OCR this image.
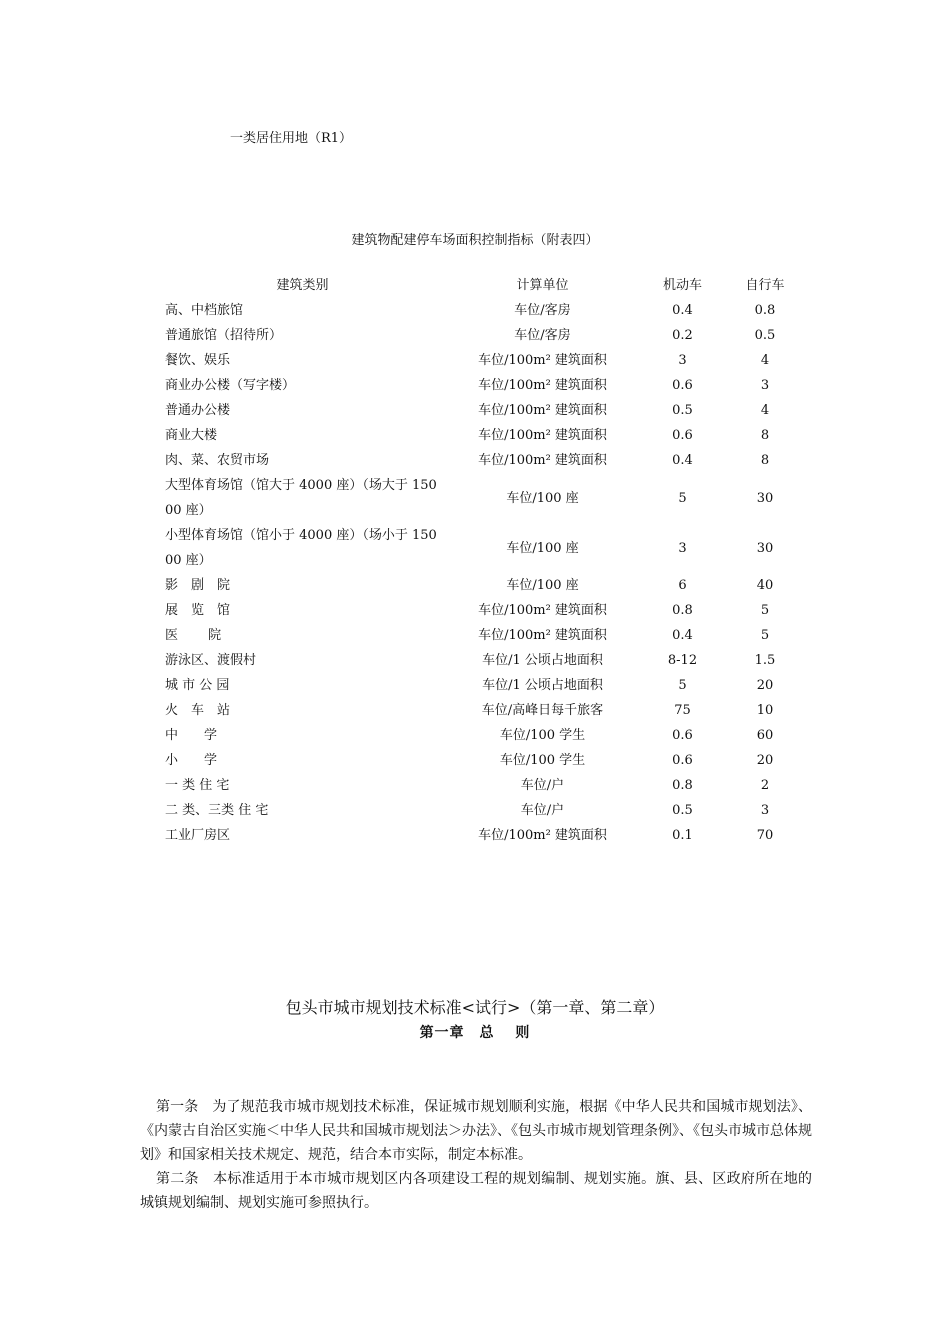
一类居住用地（R1）
建筑物配建停车场面积控制指标（附表四）
建筑类别	计算单位	机动车	自行车
高、中档旅馆	车位/客房	0.4	0.8
普通旅馆（招待所）	车位/客房	0.2	0.5
餐饮、娱乐	车位/100m² 建筑面积	3	4
商业办公楼（写字楼）	车位/100m² 建筑面积	0.6	3
普通办公楼	车位/100m² 建筑面积	0.5	4
商业大楼	车位/100m² 建筑面积	0.6	8
肉、菜、农贸市场	车位/100m² 建筑面积	0.4	8
大型体育场馆（馆大于 4000 座）（场大于 15000 座）	车位/100 座	5	30
小型体育场馆（馆小于 4000 座）（场小于 15000 座）	车位/100 座	3	30
影　剧　院	车位/100 座	6	40
展　览　馆	车位/100m² 建筑面积	0.8	5
医　　 院	车位/100m² 建筑面积	0.4	5
游泳区、渡假村	车位/1 公顷占地面积	8-12	1.5
城 市 公 园	车位/1 公顷占地面积	5	20
火　车　站	车位/高峰日每千旅客	75	10
中　　学	车位/100 学生	0.6	60
小　　学	车位/100 学生	0.6	20
一 类 住 宅	车位/户	0.8	2
二 类、三类 住 宅	车位/户	0.5	3
工业厂房区	车位/100m² 建筑面积	0.1	70
包头市城市规划技术标准<试行>（第一章、第二章）
第一章　总　 则

第一条　为了规范我市城市规划技术标准，保证城市规划顺利实施，根据《中华人民共和国城市规划法》、《内蒙古自治区实施＜中华人民共和国城市规划法＞办法》、《包头市城市规划管理条例》、《包头市城市总体规划》和国家相关技术规定、规范，结合本市实际，制定本标准。

第二条　本标准适用于本市城市规划区内各项建设工程的规划编制、规划实施。旗、县、区政府所在地的城镇规划编制、规划实施可参照执行。
